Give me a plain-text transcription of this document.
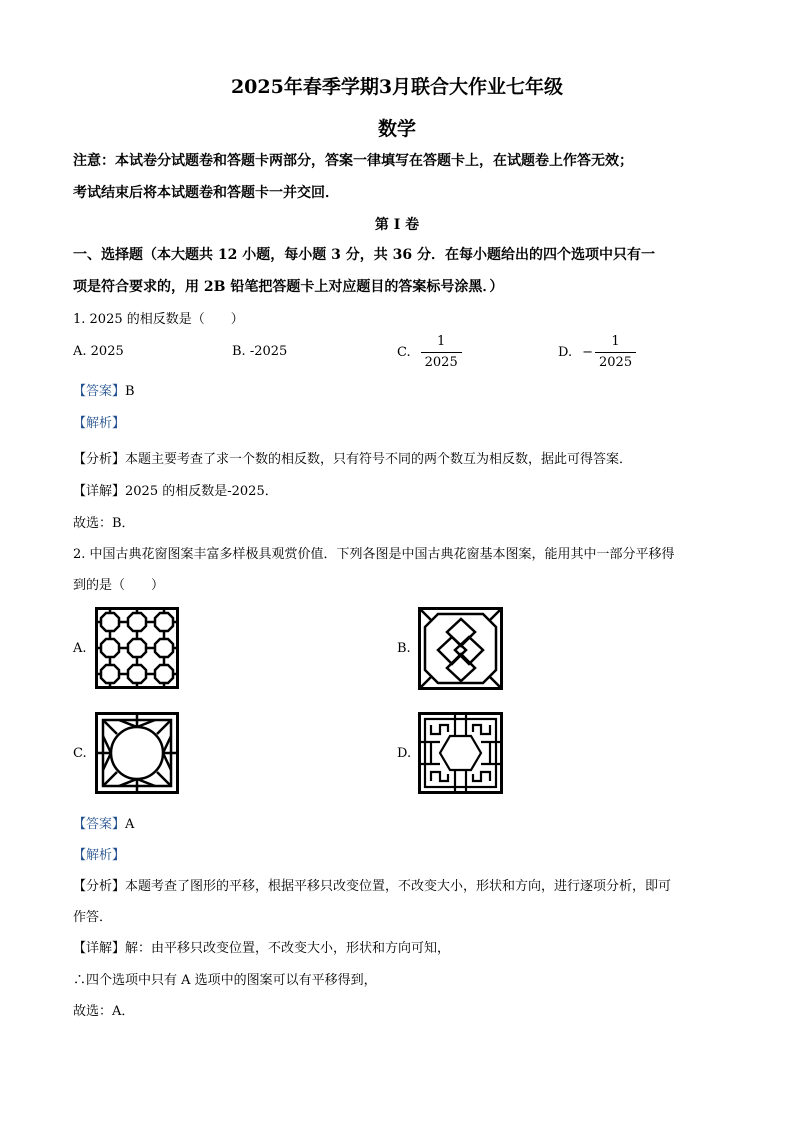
2025年春季学期3月联合大作业七年级
数学
注意：本试卷分试题卷和答题卡两部分，答案一律填写在答题卡上，在试题卷上作答无效；
考试结束后将本试题卷和答题卡一并交回．
第 I 卷
一、选择题（本大题共 12 小题，每小题 3 分，共 36 分．在每小题给出的四个选项中只有一
项是符合要求的，用 2B 铅笔把答题卡上对应题目的答案标号涂黑．）
1. 2025 的相反数是（　　）
A. 2025	B. -2025	C. $\frac{1}{2025}$	D. − $\frac{1}{2025}$
【答案】B
【解析】
【分析】本题主要考查了求一个数的相反数，只有符号不同的两个数互为相反数，据此可得答案．
【详解】2025 的相反数是-2025．
故选：B．
2. 中国古典花窗图案丰富多样极具观赏价值．下列各图是中国古典花窗基本图案，能用其中一部分平移得
到的是（　　）
A.	B.
C.	D.
【答案】A
【解析】
【分析】本题考查了图形的平移，根据平移只改变位置，不改变大小，形状和方向，进行逐项分析，即可
作答．
【详解】解：由平移只改变位置，不改变大小，形状和方向可知，
∴四个选项中只有 A 选项中的图案可以有平移得到，
故选：A．
